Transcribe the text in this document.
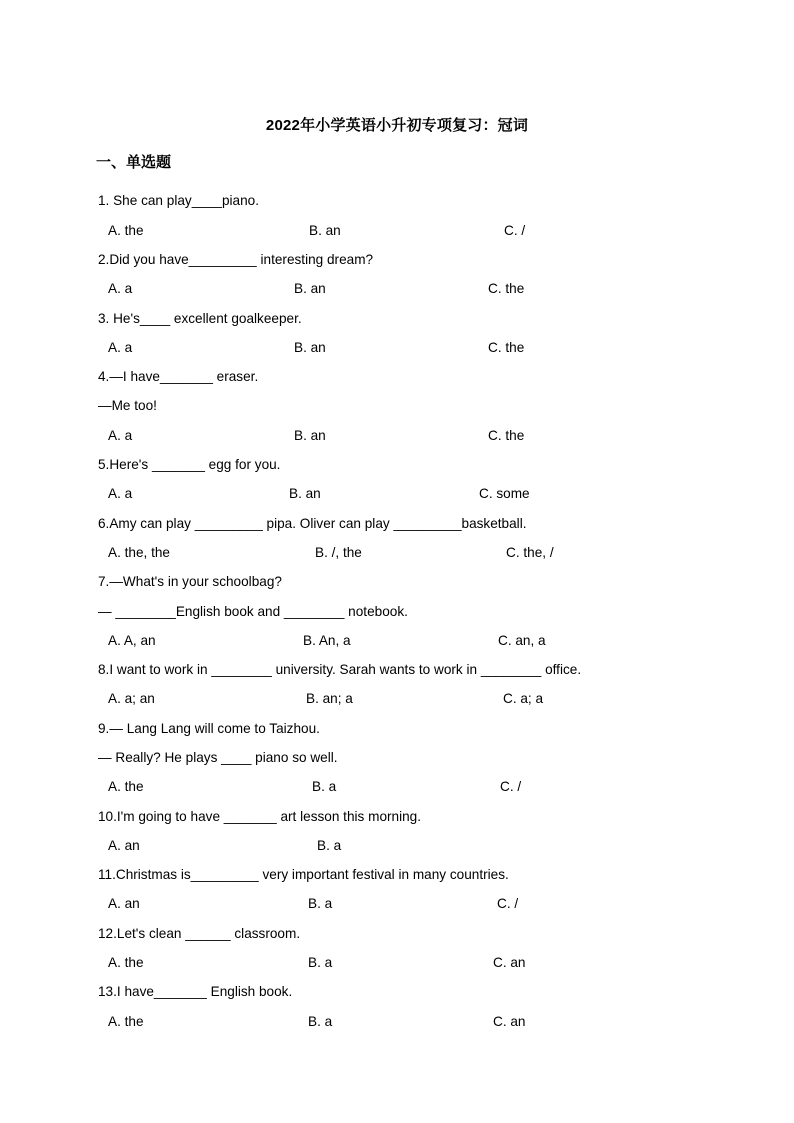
2022年小学英语小升初专项复习：冠词
一、单选题
1. She can play____piano.
A. the	B. an	C. /
2.Did you have_________ interesting dream?
A. a	B. an	C. the
3. He's____ excellent goalkeeper.
A. a	B. an	C. the
4.—I have_______ eraser.
—Me too!
A. a	B. an	C. the
5.Here's _______ egg for you.
A. a	B. an	C. some
6.Amy can play _________ pipa. Oliver can play _________basketball.
A. the, the	B. /, the	C. the, /
7.—What's in your schoolbag?
— ________English book and ________ notebook.
A. A, an	B. An, a	C. an, a
8.I want to work in ________ university. Sarah wants to work in ________ office.
A. a; an	B. an; a	C. a; a
9.— Lang Lang will come to Taizhou.
— Really? He plays ____ piano so well.
A. the	B. a	C. /
10.I'm going to have _______ art lesson this morning.
A. an	B. a
11.Christmas is_________ very important festival in many countries.
A. an	B. a	C. /
12.Let's clean ______ classroom.
A. the	B. a	C. an
13.I have_______ English book.
A. the	B. a	C. an
